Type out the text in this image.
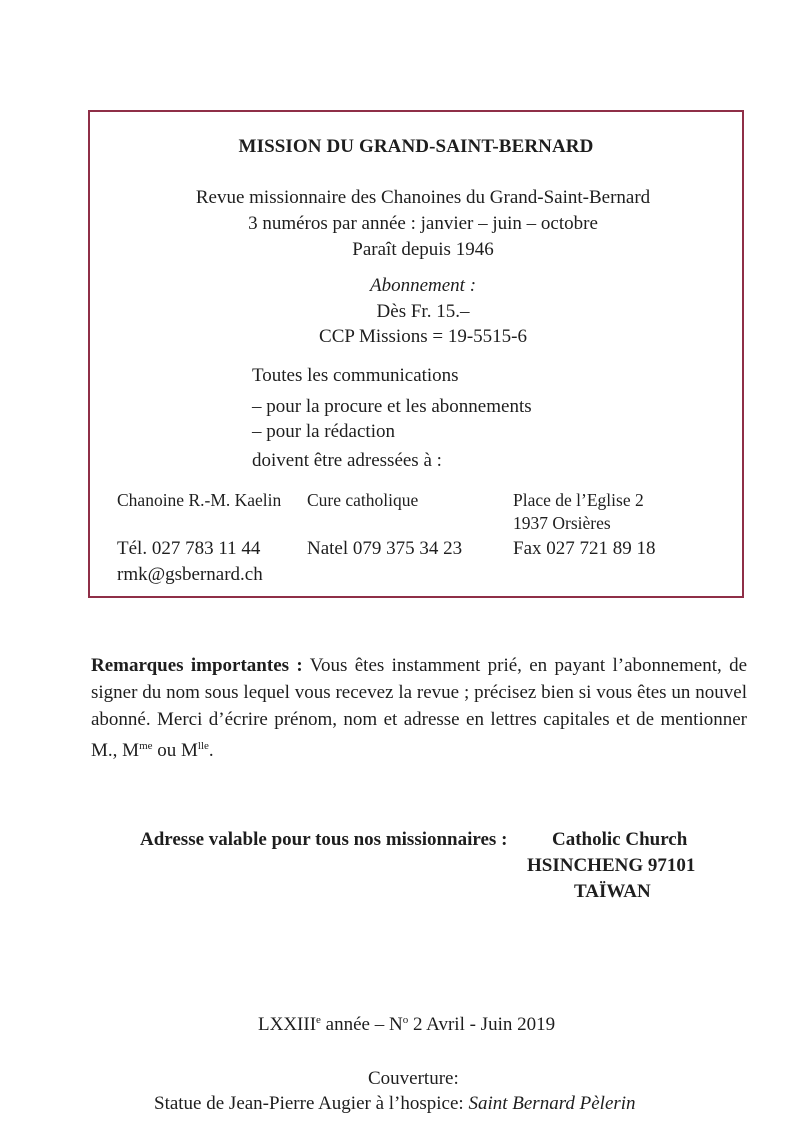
MISSION DU GRAND-SAINT-BERNARD
Revue missionnaire des Chanoines du Grand-Saint-Bernard
3 numéros par année : janvier – juin – octobre
Paraît depuis 1946
Abonnement :
Dès Fr. 15.–
CCP Missions = 19-5515-6
Toutes les communications
– pour la procure et les abonnements
– pour la rédaction
doivent être adressées à :
Chanoine R.-M. Kaelin Cure catholique	Place de l’Eglise 2
1937 Orsières
Tél. 027 783 11 44 Natel 079 375 34 23	Fax 027 721 89 18
rmk@gsbernard.ch
Remarques importantes : Vous êtes instamment prié, en payant l’abonnement, de signer du nom sous lequel vous recevez la revue ; précisez bien si vous êtes un nouvel abonné. Merci d’écrire prénom, nom et adresse en lettres capitales et de mentionner M., $M^{me}$ ou $M^{lle}$.
Adresse valable pour tous nos missionnaires : Catholic Church
HSINCHENG 97101
TAÏWAN
LXXIIIe année – $N^o$ 2 Avril - Juin 2019
Couverture:
Statue de Jean-Pierre Augier à l’hospice: Saint Bernard Pèlerin
